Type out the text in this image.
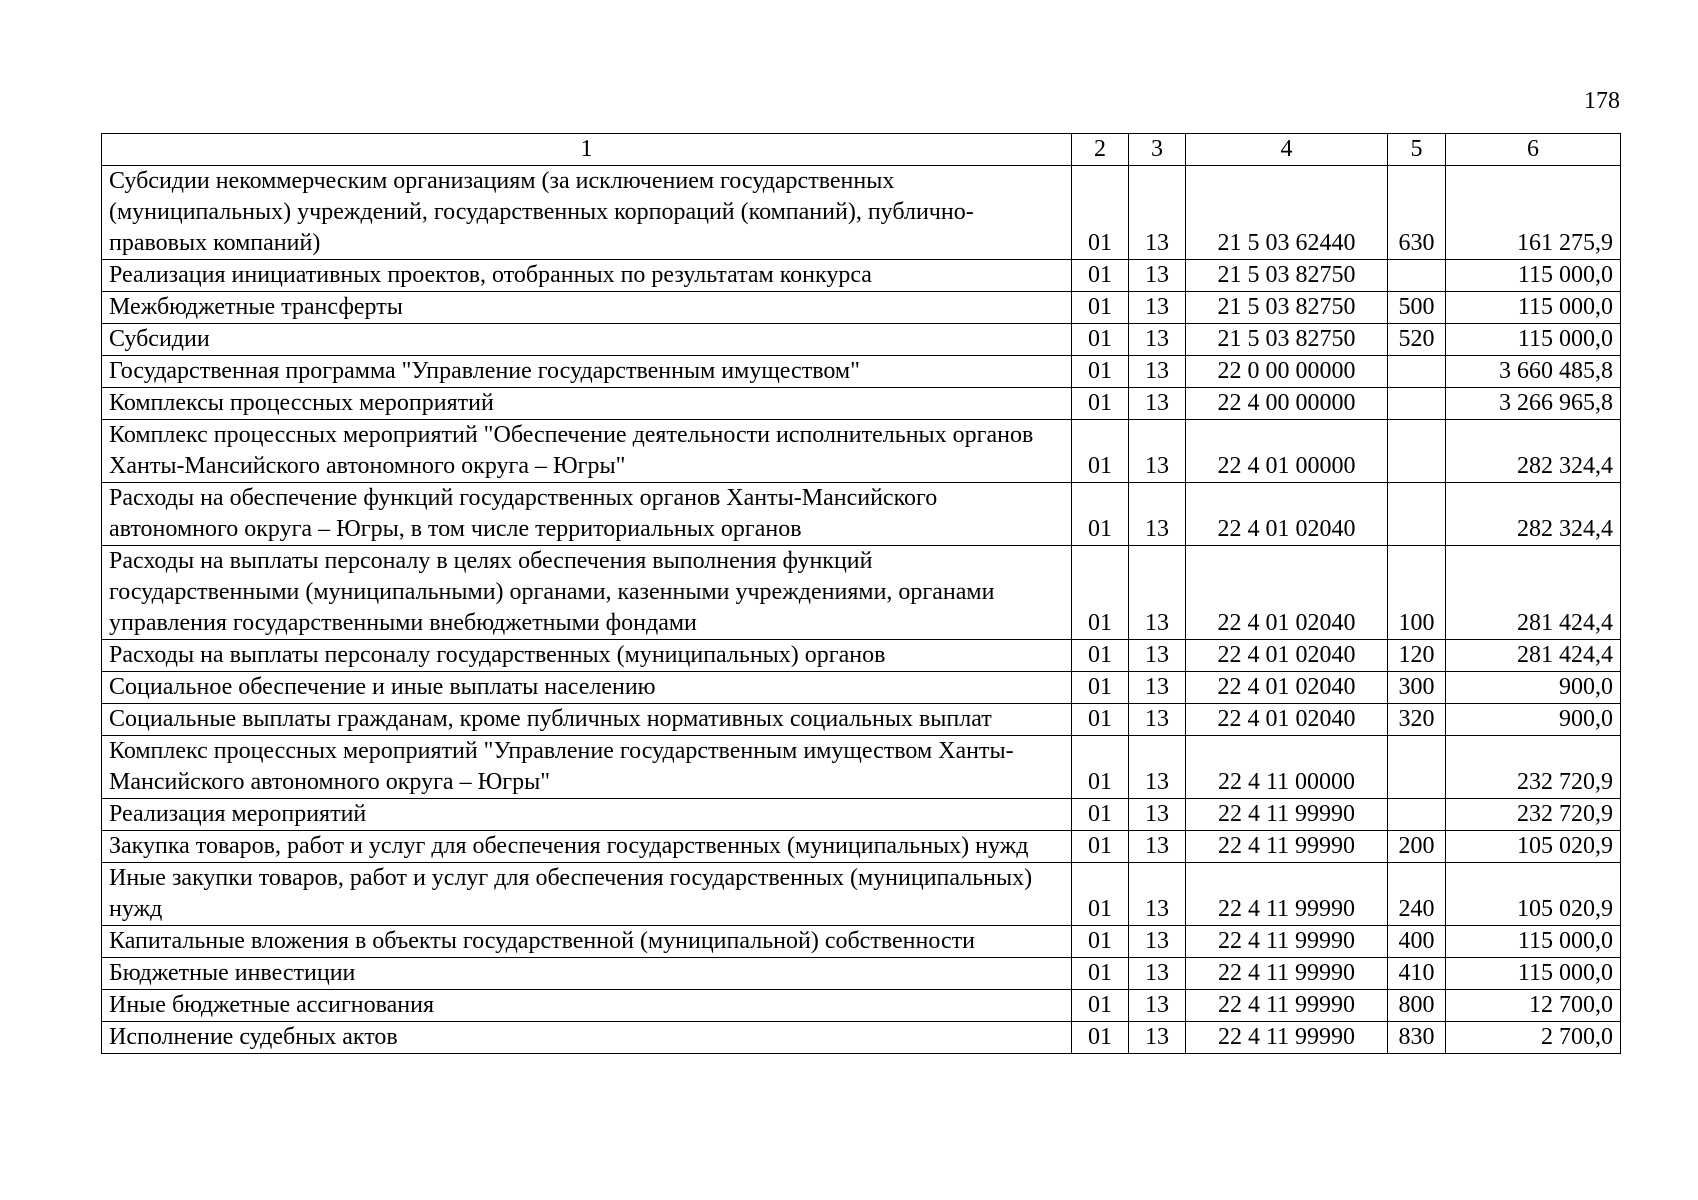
178
1	2	3	4	5	6
Субсидии некоммерческим организациям (за исключением государственных (муниципальных) учреждений, государственных корпораций (компаний), публично-правовых компаний)	01	13	21 5 03 62440	630	161 275,9
Реализация инициативных проектов, отобранных по результатам конкурса	01	13	21 5 03 82750		115 000,0
Межбюджетные трансферты	01	13	21 5 03 82750	500	115 000,0
Субсидии	01	13	21 5 03 82750	520	115 000,0
Государственная программа "Управление государственным имуществом"	01	13	22 0 00 00000		3 660 485,8
Комплексы процессных мероприятий	01	13	22 4 00 00000		3 266 965,8
Комплекс процессных мероприятий "Обеспечение деятельности исполнительных органов Ханты-Мансийского автономного округа – Югры"	01	13	22 4 01 00000		282 324,4
Расходы на обеспечение функций государственных органов Ханты-Мансийского автономного округа – Югры, в том числе территориальных органов	01	13	22 4 01 02040		282 324,4
Расходы на выплаты персоналу в целях обеспечения выполнения функций государственными (муниципальными) органами, казенными учреждениями, органами управления государственными внебюджетными фондами	01	13	22 4 01 02040	100	281 424,4
Расходы на выплаты персоналу государственных (муниципальных) органов	01	13	22 4 01 02040	120	281 424,4
Социальное обеспечение и иные выплаты населению	01	13	22 4 01 02040	300	900,0
Социальные выплаты гражданам, кроме публичных нормативных социальных выплат	01	13	22 4 01 02040	320	900,0
Комплекс процессных мероприятий "Управление государственным имуществом Ханты-Мансийского автономного округа – Югры"	01	13	22 4 11 00000		232 720,9
Реализация мероприятий	01	13	22 4 11 99990		232 720,9
Закупка товаров, работ и услуг для обеспечения государственных (муниципальных) нужд	01	13	22 4 11 99990	200	105 020,9
Иные закупки товаров, работ и услуг для обеспечения государственных (муниципальных) нужд	01	13	22 4 11 99990	240	105 020,9
Капитальные вложения в объекты государственной (муниципальной) собственности	01	13	22 4 11 99990	400	115 000,0
Бюджетные инвестиции	01	13	22 4 11 99990	410	115 000,0
Иные бюджетные ассигнования	01	13	22 4 11 99990	800	12 700,0
Исполнение судебных актов	01	13	22 4 11 99990	830	2 700,0
